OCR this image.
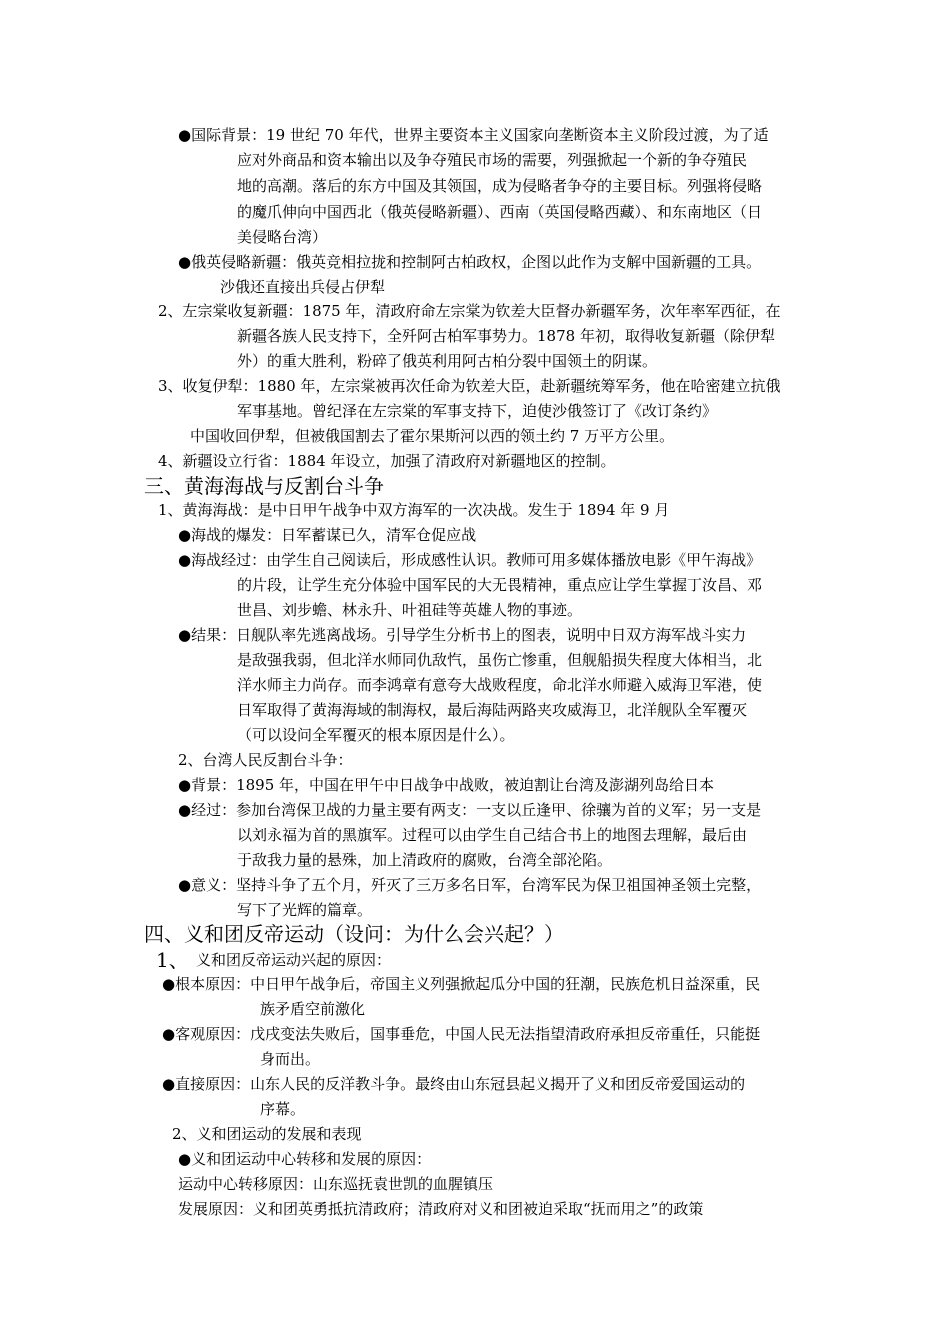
●国际背景：19 世纪 70 年代，世界主要资本主义国家向垄断资本主义阶段过渡，为了适
应对外商品和资本输出以及争夺殖民市场的需要，列强掀起一个新的争夺殖民
地的高潮。落后的东方中国及其领国，成为侵略者争夺的主要目标。列强将侵略
的魔爪伸向中国西北（俄英侵略新疆）、西南（英国侵略西藏）、和东南地区（日
美侵略台湾）
●俄英侵略新疆：俄英竞相拉拢和控制阿古柏政权，企图以此作为支解中国新疆的工具。
沙俄还直接出兵侵占伊犁
2、左宗棠收复新疆：1875 年，清政府命左宗棠为钦差大臣督办新疆军务，次年率军西征，在
新疆各族人民支持下，全歼阿古柏军事势力。1878 年初，取得收复新疆（除伊犁
外）的重大胜利，粉碎了俄英利用阿古柏分裂中国领土的阴谋。
3、收复伊犁：1880 年，左宗棠被再次任命为钦差大臣，赴新疆统筹军务，他在哈密建立抗俄
军事基地。曾纪泽在左宗棠的军事支持下，迫使沙俄签订了《改订条约》
中国收回伊犁，但被俄国割去了霍尔果斯河以西的领土约 7 万平方公里。
4、新疆设立行省：1884 年设立，加强了清政府对新疆地区的控制。
三、黄海海战与反割台斗争
1、黄海海战：是中日甲午战争中双方海军的一次决战。发生于 1894 年 9 月
●海战的爆发：日军蓄谋已久，清军仓促应战
●海战经过：由学生自己阅读后，形成感性认识。教师可用多媒体播放电影《甲午海战》
的片段，让学生充分体验中国军民的大无畏精神，重点应让学生掌握丁汝昌、邓
世昌、刘步蟾、林永升、叶祖硅等英雄人物的事迹。
●结果：日舰队率先逃离战场。引导学生分析书上的图表，说明中日双方海军战斗实力
是敌强我弱，但北洋水师同仇敌忾，虽伤亡惨重，但舰船损失程度大体相当，北
洋水师主力尚存。而李鸿章有意夸大战败程度，命北洋水师避入威海卫军港，使
日军取得了黄海海域的制海权，最后海陆两路夹攻威海卫，北洋舰队全军覆灭
（可以设问全军覆灭的根本原因是什么）。
2、台湾人民反割台斗争：
●背景：1895 年，中国在甲午中日战争中战败，被迫割让台湾及澎湖列岛给日本
●经过：参加台湾保卫战的力量主要有两支：一支以丘逢甲、徐骧为首的义军；另一支是
以刘永福为首的黑旗军。过程可以由学生自己结合书上的地图去理解，最后由
于敌我力量的悬殊，加上清政府的腐败，台湾全部沦陷。
●意义：坚持斗争了五个月，歼灭了三万多名日军，台湾军民为保卫祖国神圣领土完整，
写下了光辉的篇章。
四、义和团反帝运动（设问：为什么会兴起？）
1、 义和团反帝运动兴起的原因：
●根本原因：中日甲午战争后，帝国主义列强掀起瓜分中国的狂潮，民族危机日益深重，民
族矛盾空前激化
●客观原因：戊戌变法失败后，国事垂危，中国人民无法指望清政府承担反帝重任，只能挺
身而出。
●直接原因：山东人民的反洋教斗争。最终由山东冠县起义揭开了义和团反帝爱国运动的
序幕。
2、义和团运动的发展和表现
●义和团运动中心转移和发展的原因：
运动中心转移原因：山东巡抚袁世凯的血腥镇压
发展原因：义和团英勇抵抗清政府；清政府对义和团被迫采取“抚而用之”的政策
